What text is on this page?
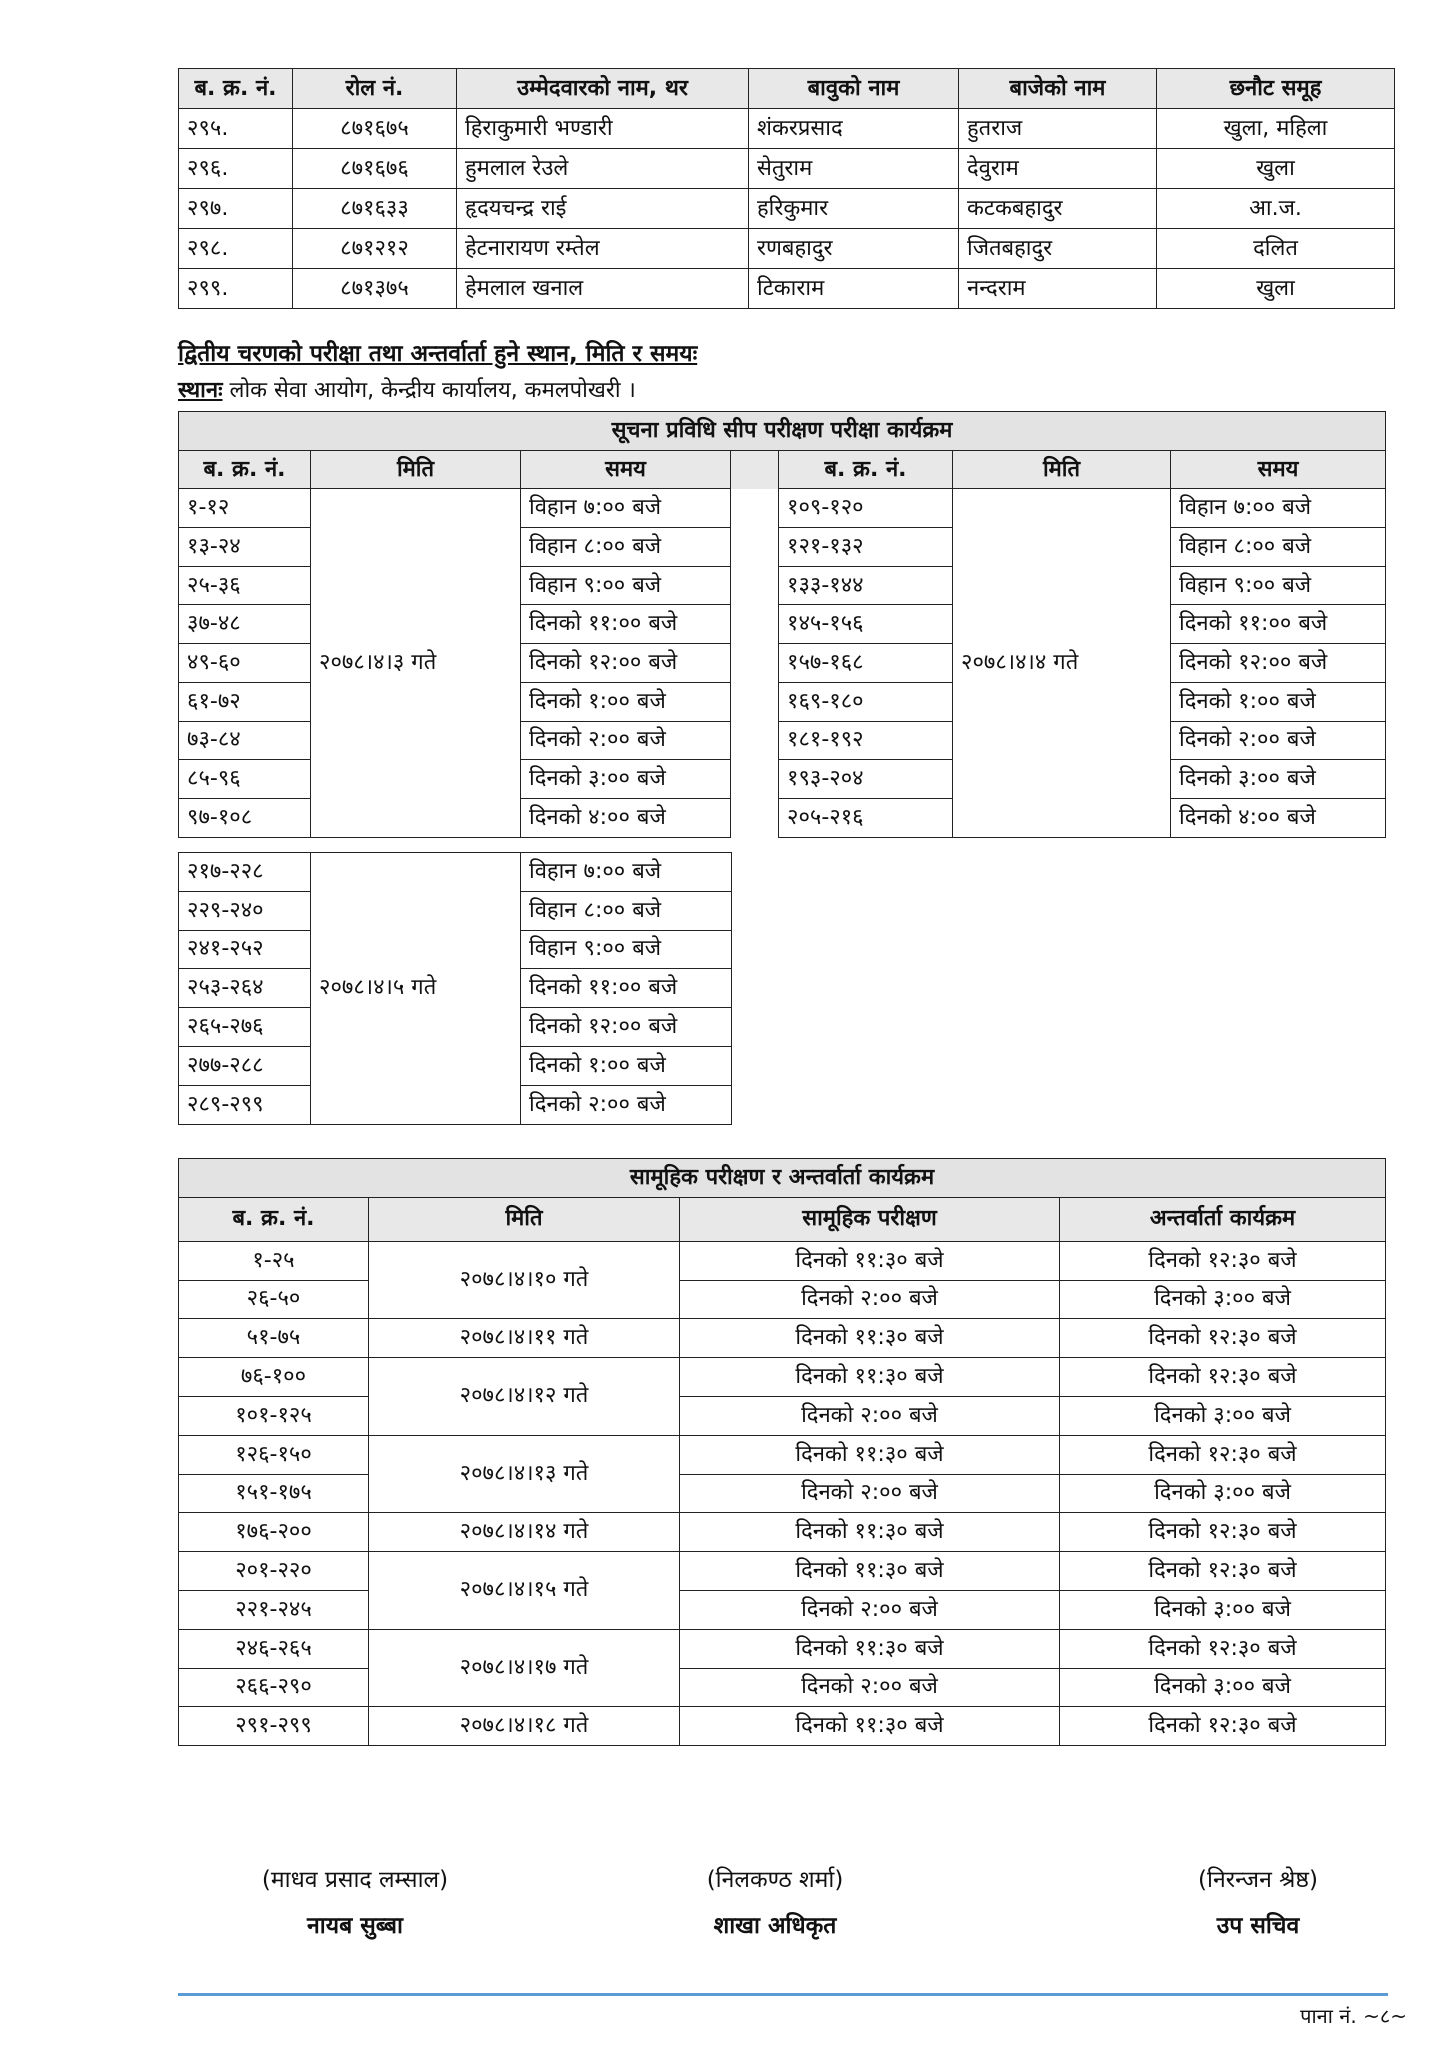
ब. क्र. नं.	रोल नं.	उम्मेदवारको नाम, थर	बावुको नाम	बाजेको नाम	छनौट समूह
२९५.	८७१६७५	हिराकुमारी भण्डारी	शंकरप्रसाद	हुतराज	खुला, महिला
२९६.	८७१६७६	हुमलाल रेउले	सेतुराम	देवुराम	खुला
२९७.	८७१६३३	हृदयचन्द्र राई	हरिकुमार	कटकबहादुर	आ.ज.
२९८.	८७१२१२	हेटनारायण रम्तेल	रणबहादुर	जितबहादुर	दलित
२९९.	८७१३७५	हेमलाल खनाल	टिकाराम	नन्दराम	खुला
द्वितीय चरणको परीक्षा तथा अन्तर्वार्ता हुने स्थान, मिति र समयः
स्थानः लोक सेवा आयोग, केन्द्रीय कार्यालय, कमलपोखरी ।
सूचना प्रविधि सीप परीक्षण परीक्षा कार्यक्रम						
ब. क्र. नं.	मिति	समय		ब. क्र. नं.	मिति	समय
१-१२	२०७८।४।३ गते	विहान ७:०० बजे		१०९-१२०	२०७८।४।४ गते	विहान ७:०० बजे
१३-२४		विहान ८:०० बजे		१२१-१३२		विहान ८:०० बजे
२५-३६		विहान ९:०० बजे		१३३-१४४		विहान ९:०० बजे
३७-४८		दिनको ११:०० बजे		१४५-१५६		दिनको ११:०० बजे
४९-६०		दिनको १२:०० बजे		१५७-१६८		दिनको १२:०० बजे
६१-७२		दिनको १:०० बजे		१६९-१८०		दिनको १:०० बजे
७३-८४		दिनको २:०० बजे		१८१-१९२		दिनको २:०० बजे
८५-९६		दिनको ३:०० बजे		१९३-२०४		दिनको ३:०० बजे
९७-१०८		दिनको ४:०० बजे		२०५-२१६		दिनको ४:०० बजे
२१७-२२८	२०७८।४।५ गते	विहान ७:०० बजे
२२९-२४०		विहान ८:०० बजे
२४१-२५२		विहान ९:०० बजे
२५३-२६४		दिनको ११:०० बजे
२६५-२७६		दिनको १२:०० बजे
२७७-२८८		दिनको १:०० बजे
२८९-२९९		दिनको २:०० बजे
सामूहिक परीक्षण र अन्तर्वार्ता कार्यक्रम			
ब. क्र. नं.	मिति	सामूहिक परीक्षण	अन्तर्वार्ता कार्यक्रम
१-२५	२०७८।४।१० गते	दिनको ११:३० बजे	दिनको १२:३० बजे
२६-५०		दिनको २:०० बजे	दिनको ३:०० बजे
५१-७५	२०७८।४।११ गते	दिनको ११:३० बजे	दिनको १२:३० बजे
७६-१००	२०७८।४।१२ गते	दिनको ११:३० बजे	दिनको १२:३० बजे
१०१-१२५		दिनको २:०० बजे	दिनको ३:०० बजे
१२६-१५०	२०७८।४।१३ गते	दिनको ११:३० बजे	दिनको १२:३० बजे
१५१-१७५		दिनको २:०० बजे	दिनको ३:०० बजे
१७६-२००	२०७८।४।१४ गते	दिनको ११:३० बजे	दिनको १२:३० बजे
२०१-२२०	२०७८।४।१५ गते	दिनको ११:३० बजे	दिनको १२:३० बजे
२२१-२४५		दिनको २:०० बजे	दिनको ३:०० बजे
२४६-२६५	२०७८।४।१७ गते	दिनको ११:३० बजे	दिनको १२:३० बजे
२६६-२९०		दिनको २:०० बजे	दिनको ३:०० बजे
२९१-२९९	२०७८।४।१८ गते	दिनको ११:३० बजे	दिनको १२:३० बजे
(माधव प्रसाद लम्साल)
नायब सुब्बा
(निलकण्ठ शर्मा)
शाखा अधिकृत
(निरन्जन श्रेष्ठ)
उप सचिव
पाना नं. ~८~
